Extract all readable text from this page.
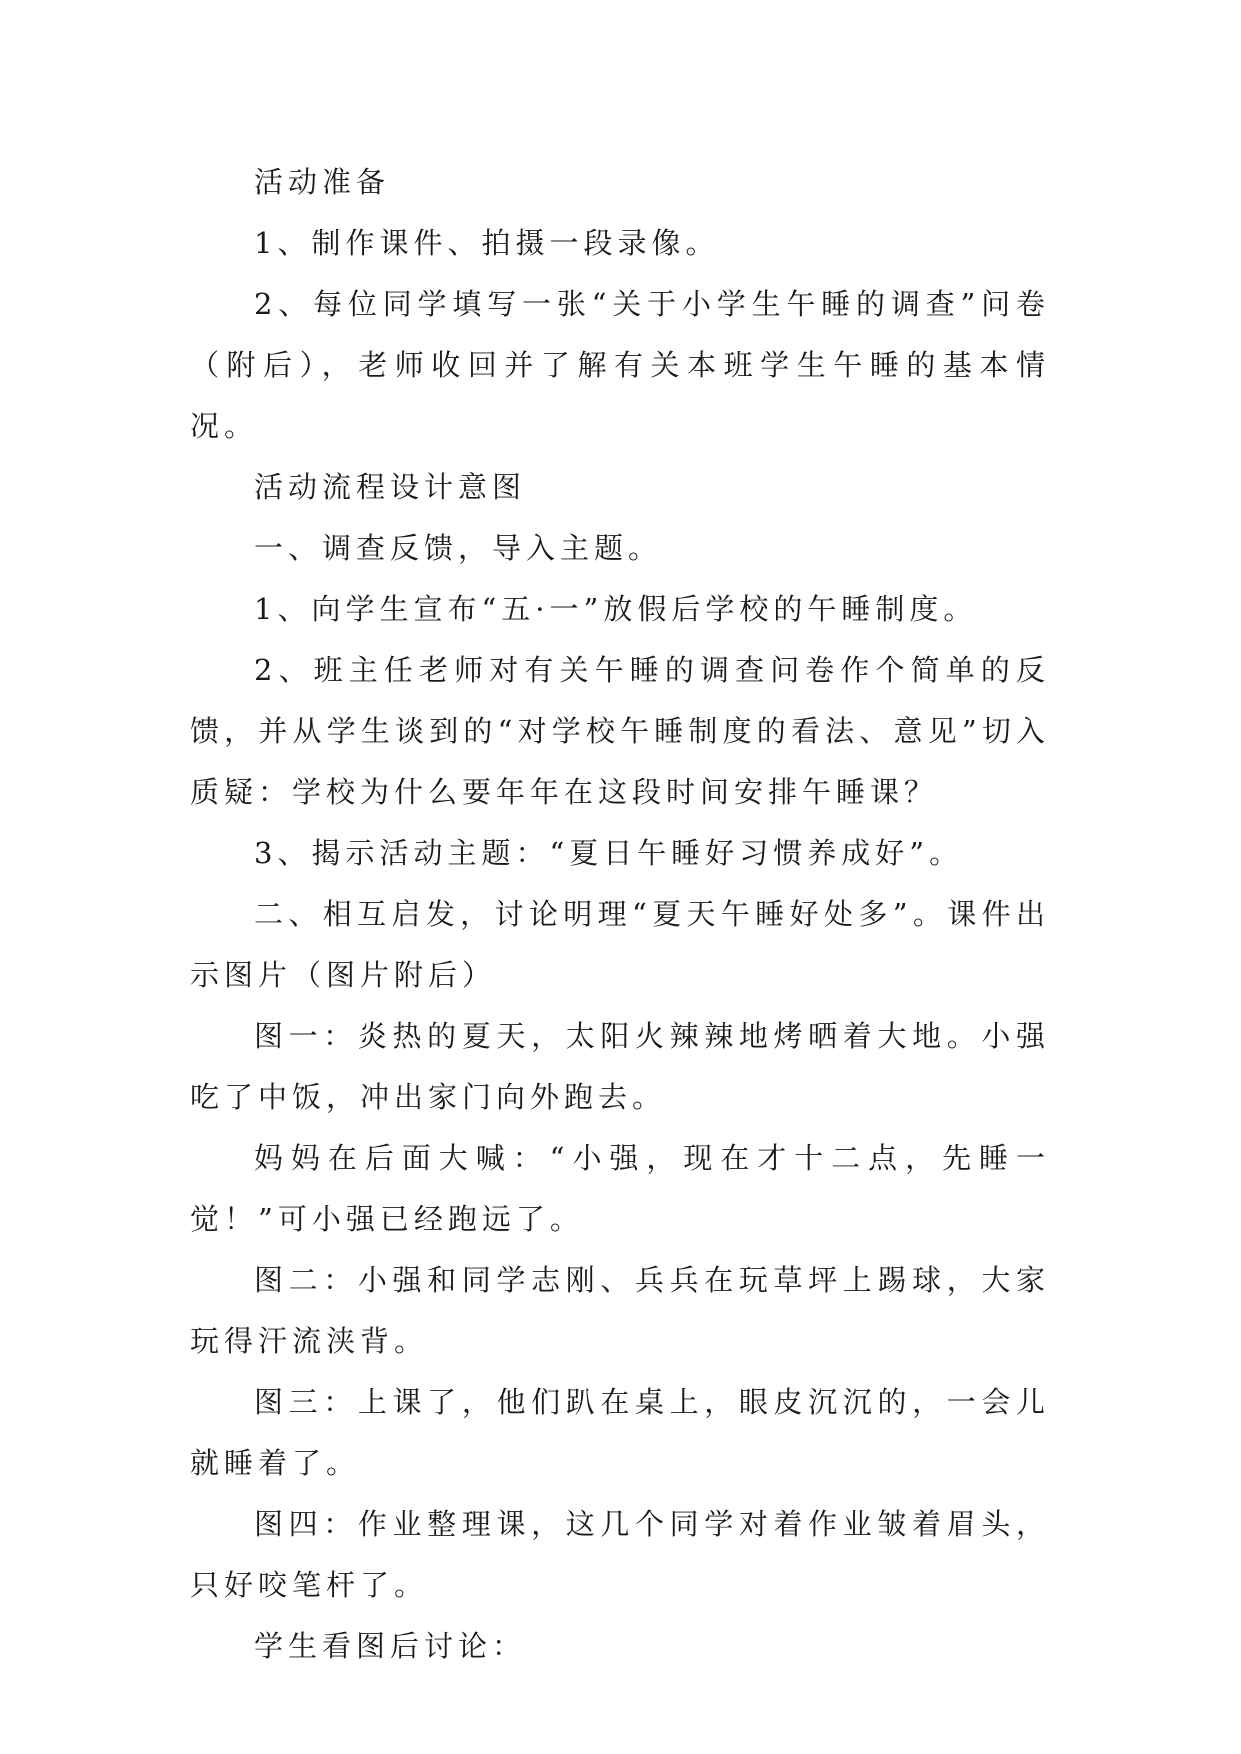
活动准备

1、制作课件、拍摄一段录像。

2、每位同学填写一张“关于小学生午睡的调查”问卷（附后），老师收回并了解有关本班学生午睡的基本情况。

活动流程设计意图

一、调查反馈，导入主题。

1、向学生宣布“五·一”放假后学校的午睡制度。

2、班主任老师对有关午睡的调查问卷作个简单的反馈，并从学生谈到的“对学校午睡制度的看法、意见”切入质疑：学校为什么要年年在这段时间安排午睡课？

3、揭示活动主题：“夏日午睡好习惯养成好”。

二、相互启发，讨论明理“夏天午睡好处多”。课件出示图片（图片附后）

图一：炎热的夏天，太阳火辣辣地烤晒着大地。小强吃了中饭，冲出家门向外跑去。

妈妈在后面大喊：“小强，现在才十二点，先睡一觉！”可小强已经跑远了。

图二：小强和同学志刚、兵兵在玩草坪上踢球，大家玩得汗流浃背。

图三：上课了，他们趴在桌上，眼皮沉沉的，一会儿就睡着了。

图四：作业整理课，这几个同学对着作业皱着眉头，只好咬笔杆了。

学生看图后讨论：
